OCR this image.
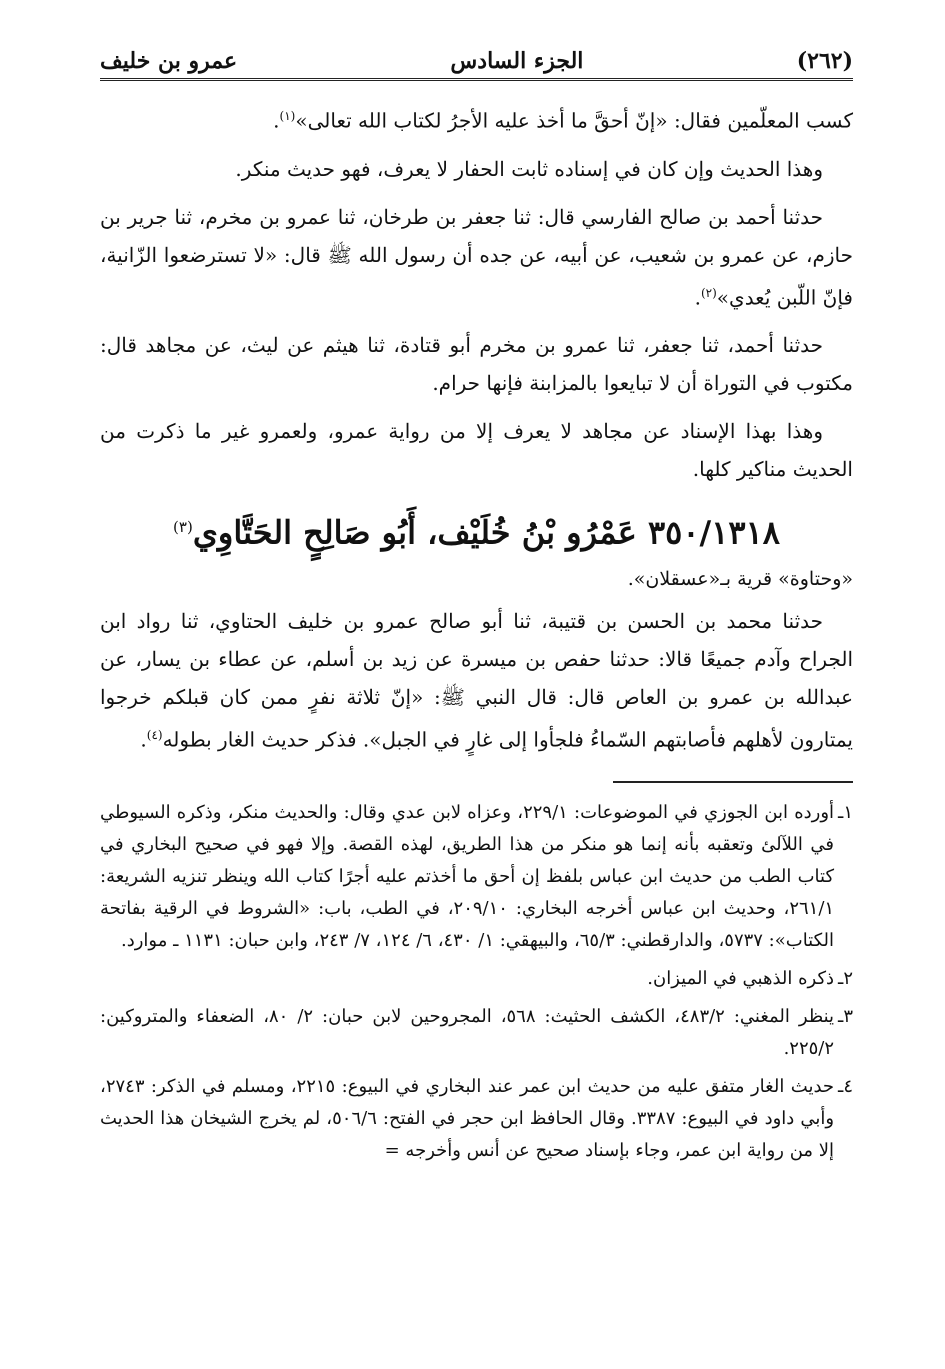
(٢٦٢)
الجزء السادس
عمرو بن خليف

كسب المعلّمين فقال: «إنّ أحقَّ ما أخذ عليه الأجرُ لكتاب الله تعالى»$^{(١)}$.

وهذا الحديث وإن كان في إسناده ثابت الحفار لا يعرف، فهو حديث منكر.

حدثنا أحمد بن صالح الفارسي قال: ثنا جعفر بن طرخان، ثنا عمرو بن مخرم، ثنا جرير بن حازم، عن عمرو بن شعيب، عن أبيه، عن جده أن رسول الله ﷺ قال: «لا تسترضعوا الزّانية، فإنّ اللّبن يُعدي»$^{(٢)}$.

حدثنا أحمد، ثنا جعفر، ثنا عمرو بن مخرم أبو قتادة، ثنا هيثم عن ليث، عن مجاهد قال: مكتوب في التوراة أن لا تبايعوا بالمزابنة فإنها حرام.

وهذا بهذا الإسناد عن مجاهد لا يعرف إلا من رواية عمرو، ولعمرو غير ما ذكرت من الحديث مناكير كلها.

٣٥٠/١٣١٨ عَمْرُو بْنُ خُلَيْف، أَبُو صَالِحٍ الحَتَّاوِي$^{(٣)}$

«وحتاوة» قرية بـ«عسقلان».

حدثنا محمد بن الحسن بن قتيبة، ثنا أبو صالح عمرو بن خليف الحتاوي، ثنا رواد ابن الجراح وآدم جميعًا قالا: حدثنا حفص بن ميسرة عن زيد بن أسلم، عن عطاء بن يسار، عن عبدالله بن عمرو بن العاص قال: قال النبي ﷺ: «إنّ ثلاثة نفرٍ ممن كان قبلكم خرجوا يمتارون لأهلهم فأصابتهم السّماءُ فلجأوا إلى غارٍ في الجبل». فذكر حديث الغار بطوله$^{(٤)}$.

١ـ
أورده ابن الجوزي في الموضوعات: ٢٢٩/١، وعزاه لابن عدي وقال: والحديث منكر، وذكره السيوطي في اللآلئ وتعقبه بأنه إنما هو منكر من هذا الطريق، لهذه القصة. وإلا فهو في صحيح البخاري في كتاب الطب من حديث ابن عباس بلفظ إن أحق ما أخذتم عليه أجرًا كتاب الله وينظر تنزيه الشريعة: ٢٦١/١، وحديث ابن عباس أخرجه البخاري: ٢٠٩/١٠، في الطب، باب: «الشروط في الرقية بفاتحة الكتاب»: ٥٧٣٧، والدارقطني: ٦٥/٣، والبيهقي: ١/ ٤٣٠، ٦/ ١٢٤، ٧/ ٢٤٣، وابن حبان: ١١٣١ ـ موارد.
٢ـ
ذكره الذهبي في الميزان.
٣ـ
ينظر المغني: ٤٨٣/٢، الكشف الحثيث: ٥٦٨، المجروحين لابن حبان: ٢/ ٨٠، الضعفاء والمتروكين: ٢٢٥/٢.
٤ـ
حديث الغار متفق عليه من حديث ابن عمر عند البخاري في البيوع: ٢٢١٥، ومسلم في الذكر: ٢٧٤٣، وأبي داود في البيوع: ٣٣٨٧. وقال الحافظ ابن حجر في الفتح: ٥٠٦/٦، لم يخرج الشيخان هذا الحديث إلا من رواية ابن عمر، وجاء بإسناد صحيح عن أنس وأخرجه =
